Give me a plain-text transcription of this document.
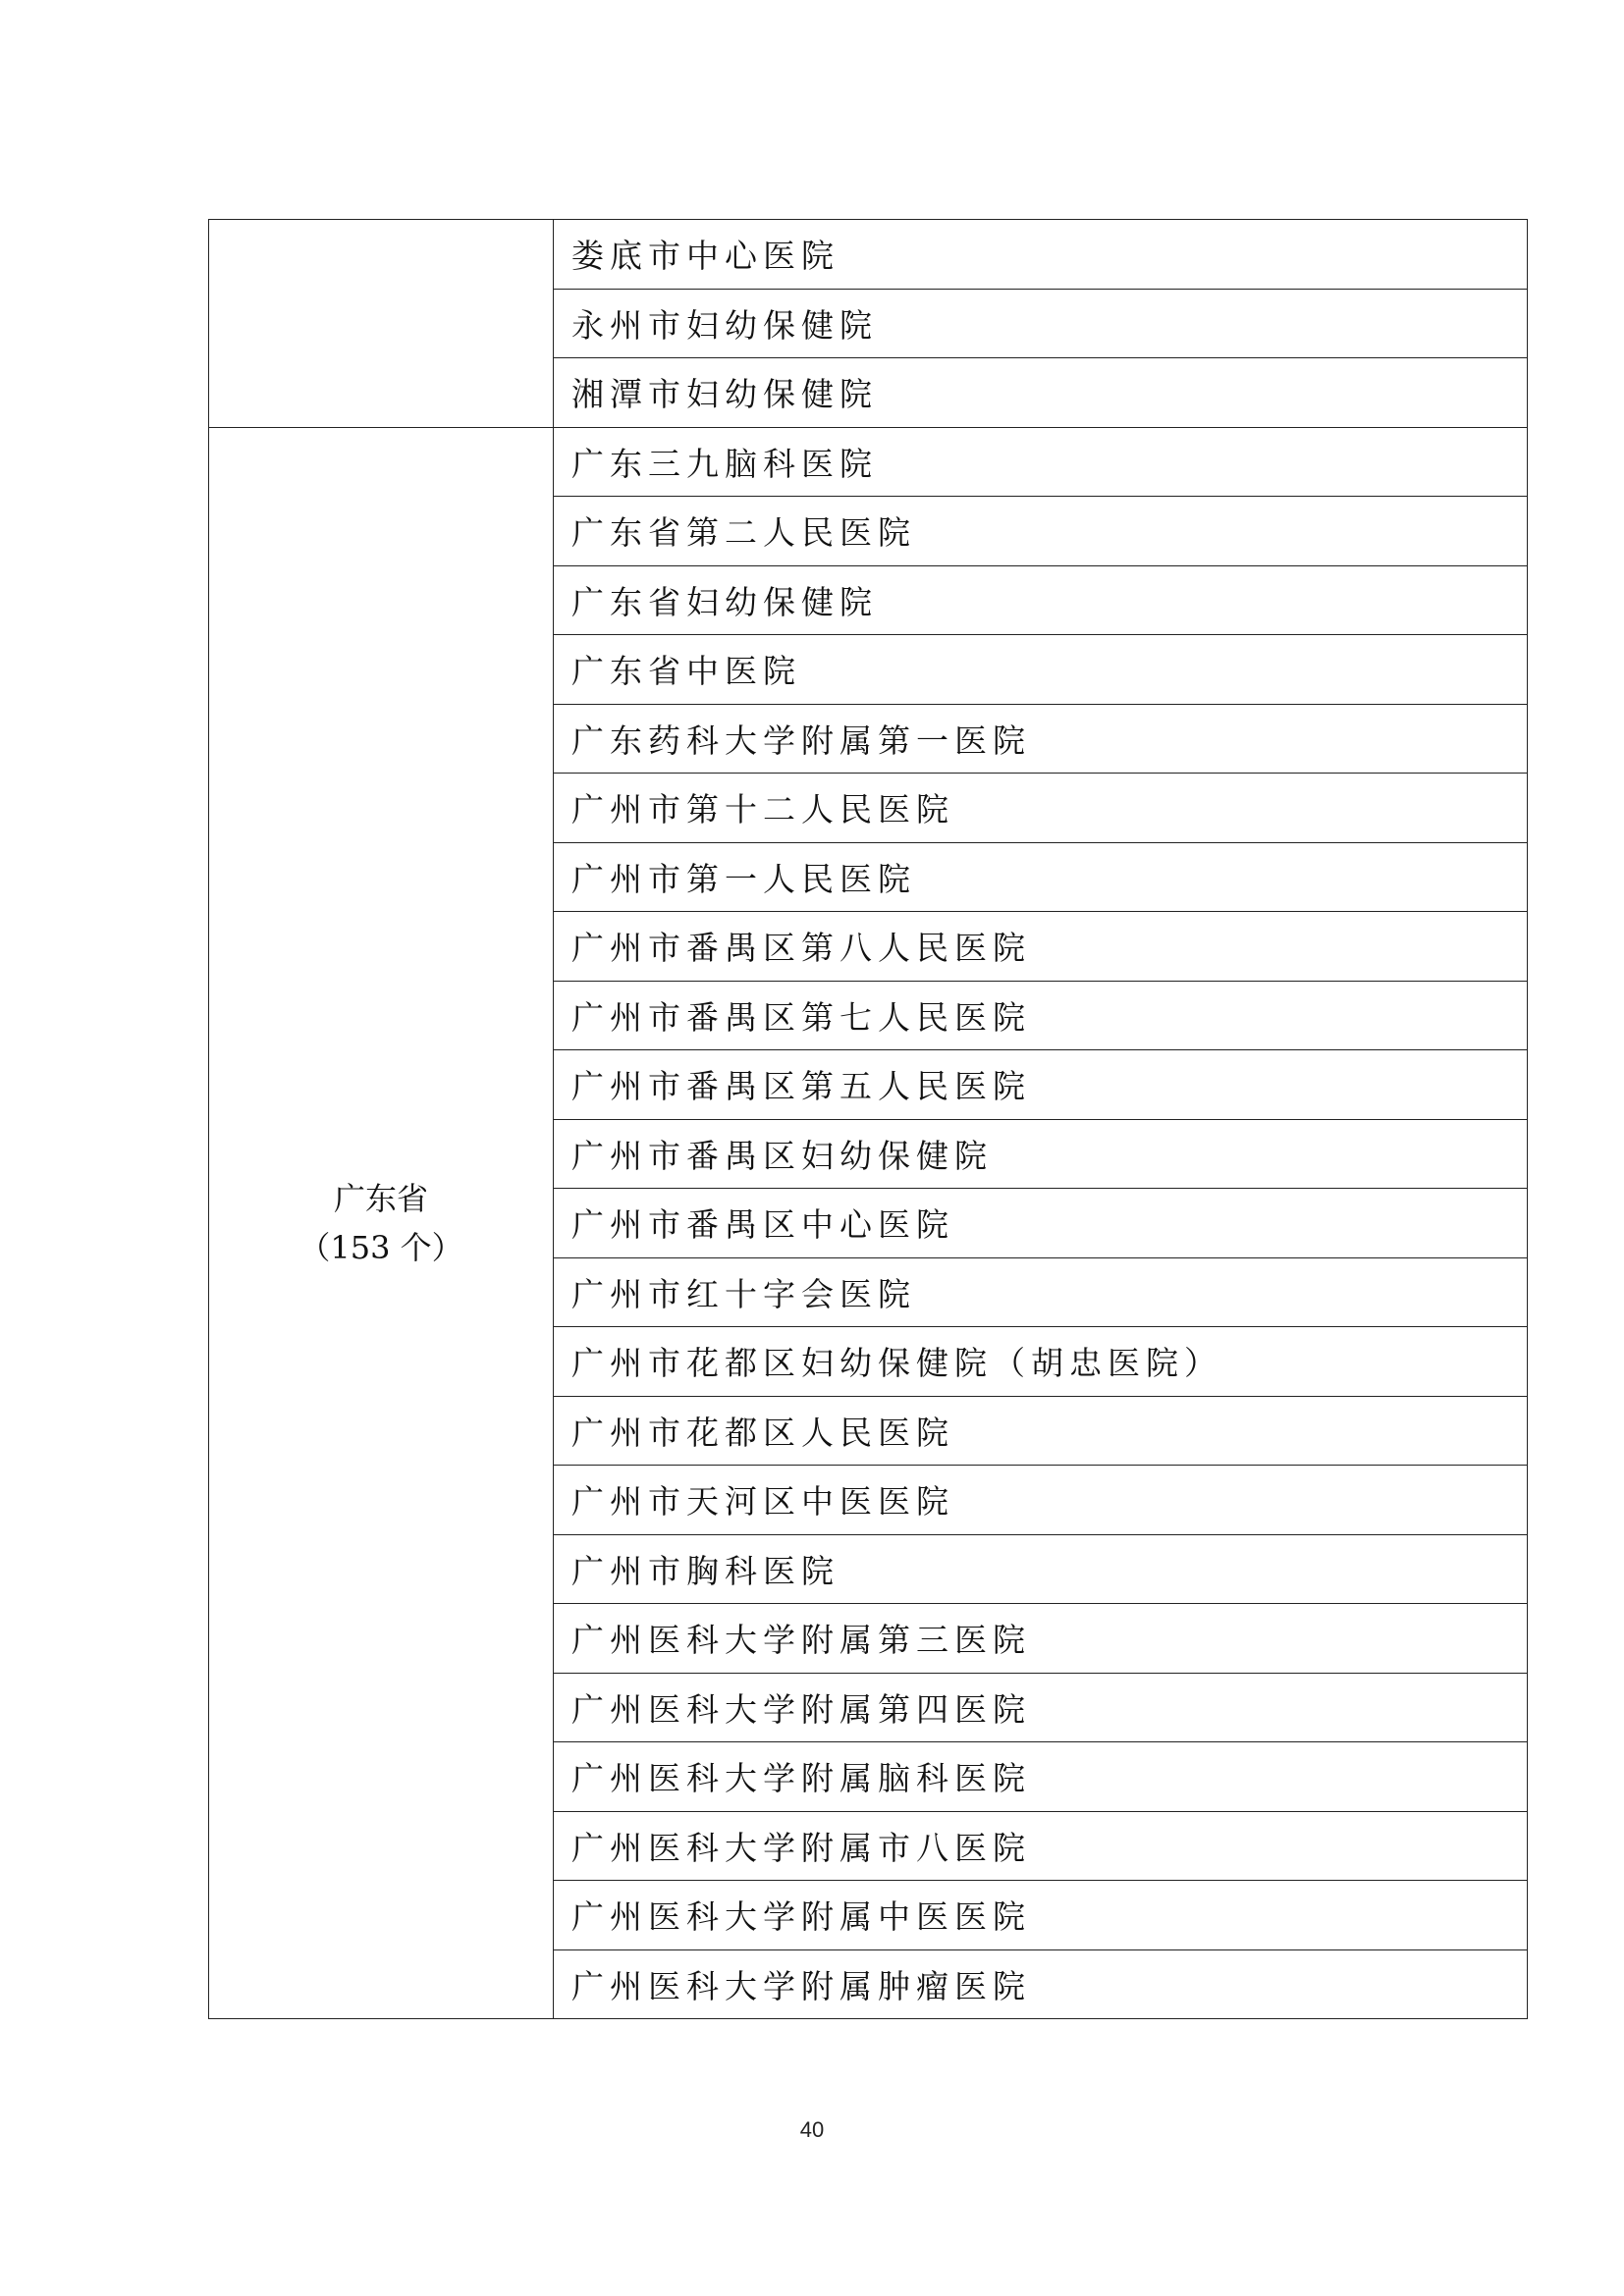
	娄底市中心医院
	永州市妇幼保健院
	湘潭市妇幼保健院

广东省
（153 个）	广东三九脑科医院
	广东省第二人民医院
	广东省妇幼保健院
	广东省中医院
	广东药科大学附属第一医院
	广州市第十二人民医院
	广州市第一人民医院
	广州市番禺区第八人民医院
	广州市番禺区第七人民医院
	广州市番禺区第五人民医院
	广州市番禺区妇幼保健院
	广州市番禺区中心医院
	广州市红十字会医院
	广州市花都区妇幼保健院（胡忠医院）
	广州市花都区人民医院
	广州市天河区中医医院
	广州市胸科医院
	广州医科大学附属第三医院
	广州医科大学附属第四医院
	广州医科大学附属脑科医院
	广州医科大学附属市八医院
	广州医科大学附属中医医院
	广州医科大学附属肿瘤医院
40
